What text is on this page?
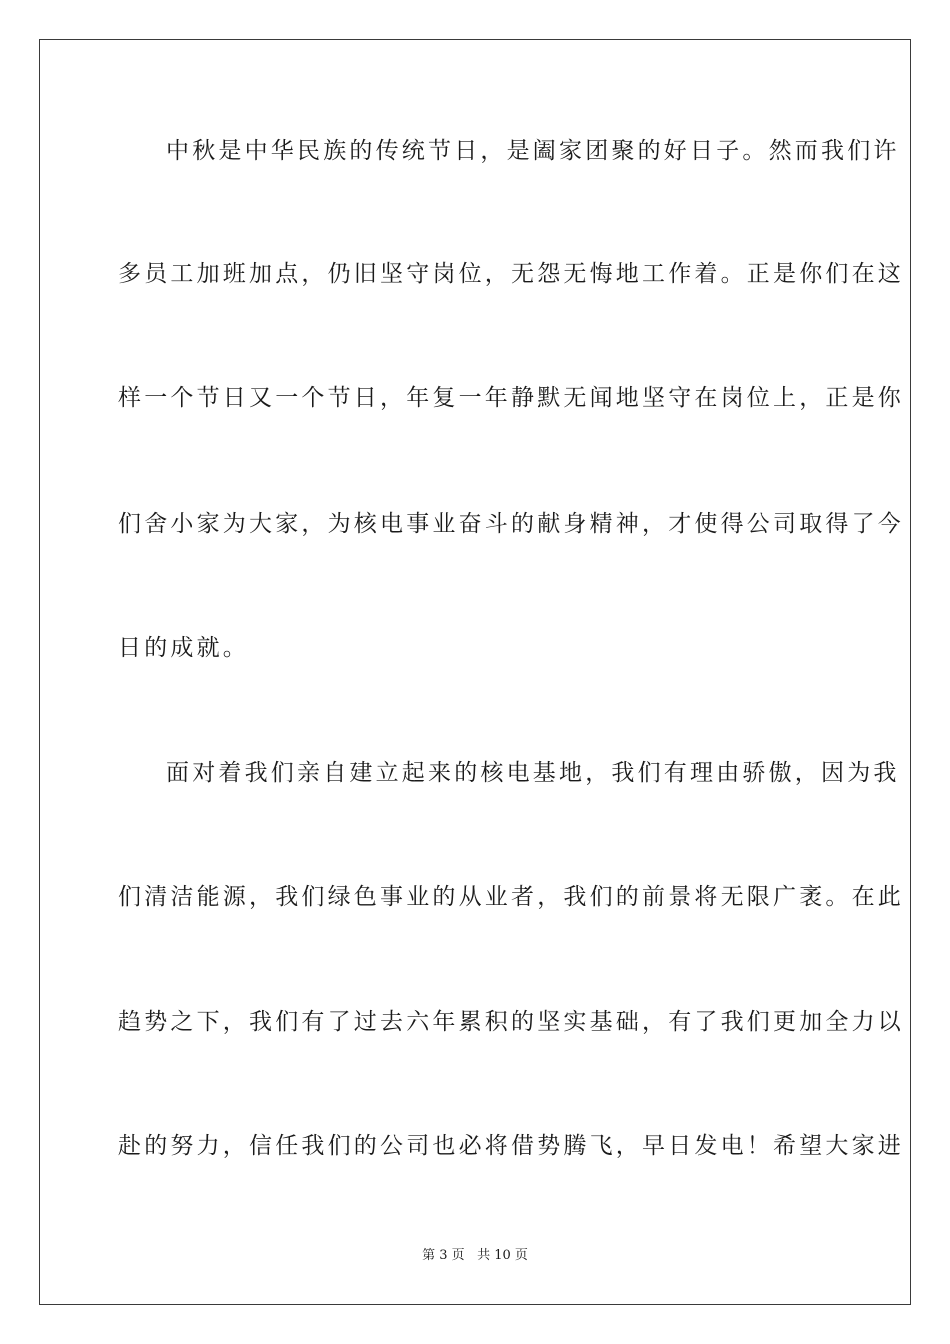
中秋是中华民族的传统节日，是阖家团聚的好日子。然而我们许
多员工加班加点，仍旧坚守岗位，无怨无悔地工作着。正是你们在这
样一个节日又一个节日，年复一年静默无闻地坚守在岗位上，正是你
们舍小家为大家，为核电事业奋斗的献身精神，才使得公司取得了今
日的成就。
面对着我们亲自建立起来的核电基地，我们有理由骄傲，因为我
们清洁能源，我们绿色事业的从业者，我们的前景将无限广袤。在此
趋势之下，我们有了过去六年累积的坚实基础，有了我们更加全力以
赴的努力，信任我们的公司也必将借势腾飞，早日发电！希望大家进
第 3 页 共 10 页
